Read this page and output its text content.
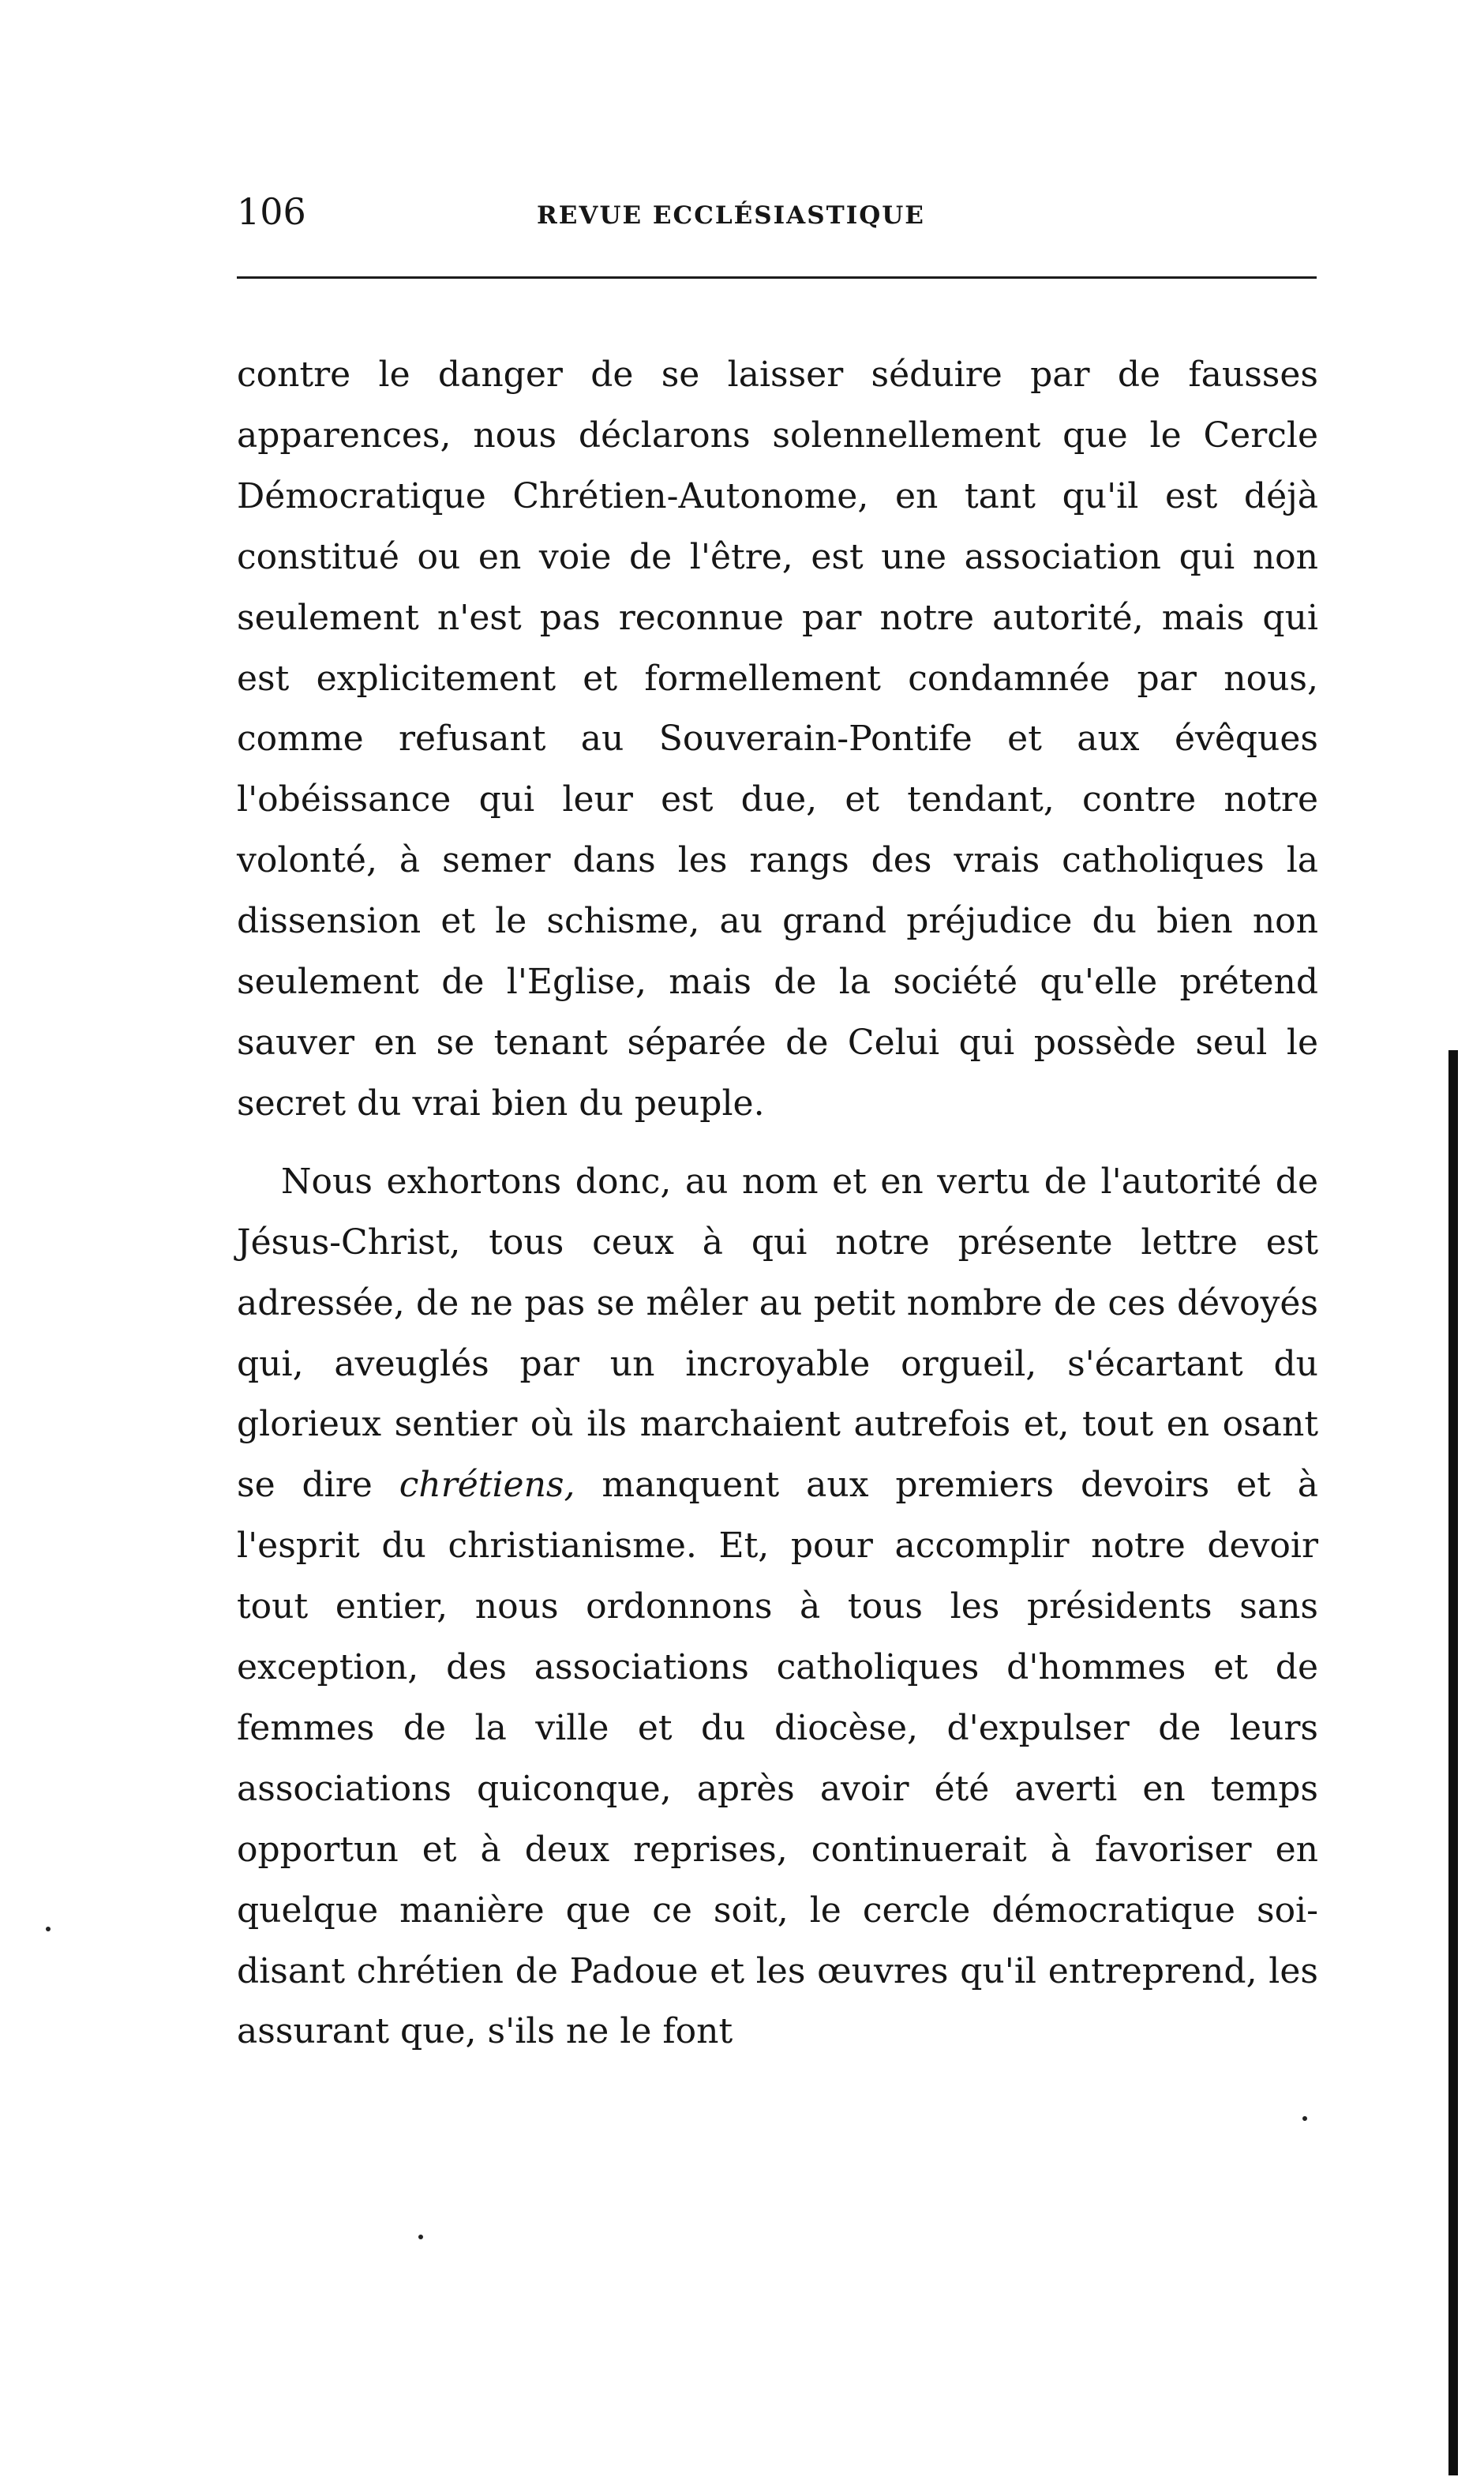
106	REVUE ECCLÉSIASTIQUE

contre le danger de se laisser séduire par de fausses apparences, nous déclarons solennellement que le Cercle Démocratique Chrétien-Autonome, en tant qu'il est déjà constitué ou en voie de l'être, est une association qui non seulement n'est pas reconnue par notre autorité, mais qui est explicitement et formellement condamnée par nous, comme refusant au Souverain-Pontife et aux évêques l'obéissance qui leur est due, et tendant, contre notre volonté, à semer dans les rangs des vrais catholiques la dissension et le schisme, au grand préjudice du bien non seulement de l'Eglise, mais de la société qu'elle prétend sauver en se tenant séparée de Celui qui possède seul le secret du vrai bien du peuple.

Nous exhortons donc, au nom et en vertu de l'autorité de Jésus-Christ, tous ceux à qui notre présente lettre est adressée, de ne pas se mêler au petit nombre de ces dévoyés qui, aveuglés par un incroyable orgueil, s'écartant du glorieux sentier où ils marchaient autrefois et, tout en osant se dire chrétiens, manquent aux premiers devoirs et à l'esprit du christianisme. Et, pour accomplir notre devoir tout entier, nous ordonnons à tous les présidents sans exception, des associations catholiques d'hommes et de femmes de la ville et du diocèse, d'expulser de leurs associations quiconque, après avoir été averti en temps opportun et à deux reprises, continuerait à favoriser en quelque manière que ce soit, le cercle démocratique soi-disant chrétien de Padoue et les œuvres qu'il entreprend, les assurant que, s'ils ne le font
